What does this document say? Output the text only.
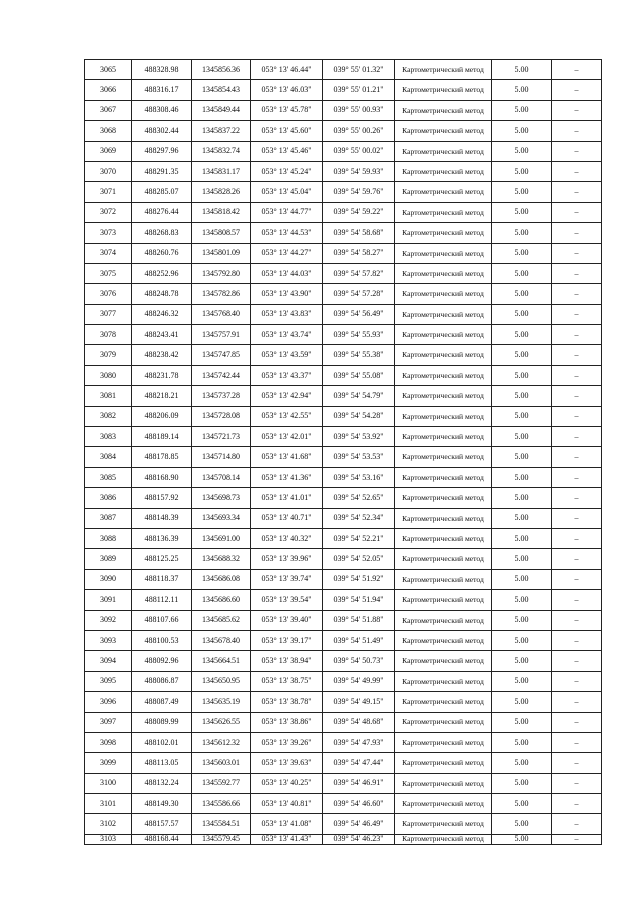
3065	488328.98	1345856.36	053° 13' 46.44"	039° 55' 01.32"	Картометрический метод	5.00	–
3066	488316.17	1345854.43	053° 13' 46.03"	039° 55' 01.21"	Картометрический метод	5.00	–
3067	488308.46	1345849.44	053° 13' 45.78"	039° 55' 00.93"	Картометрический метод	5.00	–
3068	488302.44	1345837.22	053° 13' 45.60"	039° 55' 00.26"	Картометрический метод	5.00	–
3069	488297.96	1345832.74	053° 13' 45.46"	039° 55' 00.02"	Картометрический метод	5.00	–
3070	488291.35	1345831.17	053° 13' 45.24"	039° 54' 59.93"	Картометрический метод	5.00	–
3071	488285.07	1345828.26	053° 13' 45.04"	039° 54' 59.76"	Картометрический метод	5.00	–
3072	488276.44	1345818.42	053° 13' 44.77"	039° 54' 59.22"	Картометрический метод	5.00	–
3073	488268.83	1345808.57	053° 13' 44.53"	039° 54' 58.68"	Картометрический метод	5.00	–
3074	488260.76	1345801.09	053° 13' 44.27"	039° 54' 58.27"	Картометрический метод	5.00	–
3075	488252.96	1345792.80	053° 13' 44.03"	039° 54' 57.82"	Картометрический метод	5.00	–
3076	488248.78	1345782.86	053° 13' 43.90"	039° 54' 57.28"	Картометрический метод	5.00	–
3077	488246.32	1345768.40	053° 13' 43.83"	039° 54' 56.49"	Картометрический метод	5.00	–
3078	488243.41	1345757.91	053° 13' 43.74"	039° 54' 55.93"	Картометрический метод	5.00	–
3079	488238.42	1345747.85	053° 13' 43.59"	039° 54' 55.38"	Картометрический метод	5.00	–
3080	488231.78	1345742.44	053° 13' 43.37"	039° 54' 55.08"	Картометрический метод	5.00	–
3081	488218.21	1345737.28	053° 13' 42.94"	039° 54' 54.79"	Картометрический метод	5.00	–
3082	488206.09	1345728.08	053° 13' 42.55"	039° 54' 54.28"	Картометрический метод	5.00	–
3083	488189.14	1345721.73	053° 13' 42.01"	039° 54' 53.92"	Картометрический метод	5.00	–
3084	488178.85	1345714.80	053° 13' 41.68"	039° 54' 53.53"	Картометрический метод	5.00	–
3085	488168.90	1345708.14	053° 13' 41.36"	039° 54' 53.16"	Картометрический метод	5.00	–
3086	488157.92	1345698.73	053° 13' 41.01"	039° 54' 52.65"	Картометрический метод	5.00	–
3087	488148.39	1345693.34	053° 13' 40.71"	039° 54' 52.34"	Картометрический метод	5.00	–
3088	488136.39	1345691.00	053° 13' 40.32"	039° 54' 52.21"	Картометрический метод	5.00	–
3089	488125.25	1345688.32	053° 13' 39.96"	039° 54' 52.05"	Картометрический метод	5.00	–
3090	488118.37	1345686.08	053° 13' 39.74"	039° 54' 51.92"	Картометрический метод	5.00	–
3091	488112.11	1345686.60	053° 13' 39.54"	039° 54' 51.94"	Картометрический метод	5.00	–
3092	488107.66	1345685.62	053° 13' 39.40"	039° 54' 51.88"	Картометрический метод	5.00	–
3093	488100.53	1345678.40	053° 13' 39.17"	039° 54' 51.49"	Картометрический метод	5.00	–
3094	488092.96	1345664.51	053° 13' 38.94"	039° 54' 50.73"	Картометрический метод	5.00	–
3095	488086.87	1345650.95	053° 13' 38.75"	039° 54' 49.99"	Картометрический метод	5.00	–
3096	488087.49	1345635.19	053° 13' 38.78"	039° 54' 49.15"	Картометрический метод	5.00	–
3097	488089.99	1345626.55	053° 13' 38.86"	039° 54' 48.68"	Картометрический метод	5.00	–
3098	488102.01	1345612.32	053° 13' 39.26"	039° 54' 47.93"	Картометрический метод	5.00	–
3099	488113.05	1345603.01	053° 13' 39.63"	039° 54' 47.44"	Картометрический метод	5.00	–
3100	488132.24	1345592.77	053° 13' 40.25"	039° 54' 46.91"	Картометрический метод	5.00	–
3101	488149.30	1345586.66	053° 13' 40.81"	039° 54' 46.60"	Картометрический метод	5.00	–
3102	488157.57	1345584.51	053° 13' 41.08"	039° 54' 46.49"	Картометрический метод	5.00	–
3103	488168.44	1345579.45	053° 13' 41.43"	039° 54' 46.23"	Картометрический метод	5.00	–
